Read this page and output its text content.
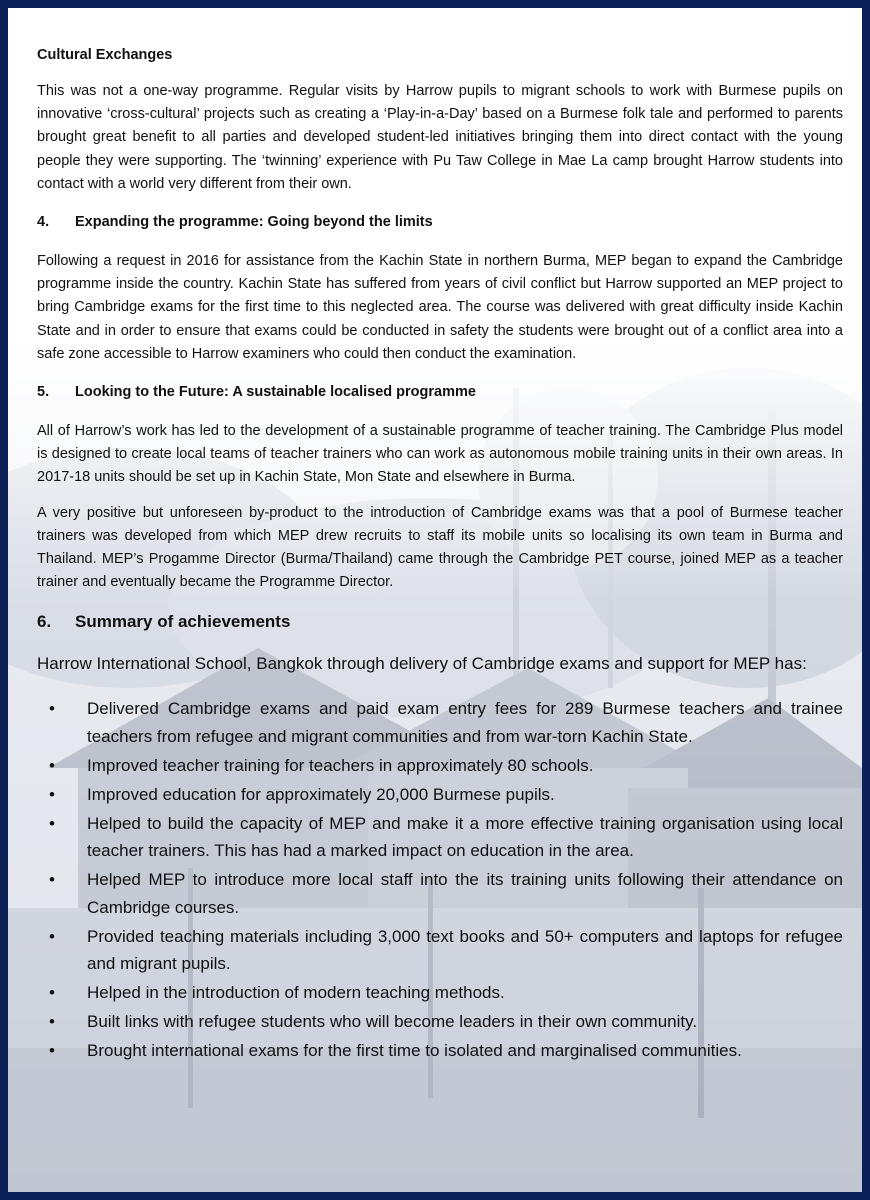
Cultural Exchanges

This was not a one-way programme. Regular visits by Harrow pupils to migrant schools to work with Burmese pupils on innovative ‘cross-cultural’ projects such as creating a ‘Play-in-a-Day’ based on a Burmese folk tale and performed to parents brought great benefit to all parties and developed student-led initiatives bringing them into direct contact with the young people they were supporting. The ‘twinning’ experience with Pu Taw College in Mae La camp brought Harrow students into contact with a world very different from their own.

4. Expanding the programme: Going beyond the limits

Following a request in 2016 for assistance from the Kachin State in northern Burma, MEP began to expand the Cambridge programme inside the country. Kachin State has suffered from years of civil conflict but Harrow supported an MEP project to bring Cambridge exams for the first time to this neglected area. The course was delivered with great difficulty inside Kachin State and in order to ensure that exams could be conducted in safety the students were brought out of a conflict area into a safe zone accessible to Harrow examiners who could then conduct the examination.

5. Looking to the Future: A sustainable localised programme

All of Harrow’s work has led to the development of a sustainable programme of teacher training. The Cambridge Plus model is designed to create local teams of teacher trainers who can work as autonomous mobile training units in their own areas. In 2017-18 units should be set up in Kachin State, Mon State and elsewhere in Burma.

A very positive but unforeseen by-product to the introduction of Cambridge exams was that a pool of Burmese teacher trainers was developed from which MEP drew recruits to staff its mobile units so localising its own team in Burma and Thailand. MEP’s Progamme Director (Burma/Thailand) came through the Cambridge PET course, joined MEP as a teacher trainer and eventually became the Programme Director.

6. Summary of achievements

Harrow International School, Bangkok through delivery of Cambridge exams and support for MEP has:

• Delivered Cambridge exams and paid exam entry fees for 289 Burmese teachers and trainee teachers from refugee and migrant communities and from war-torn Kachin State.
• Improved teacher training for teachers in approximately 80 schools.
• Improved education for approximately 20,000 Burmese pupils.
• Helped to build the capacity of MEP and make it a more effective training organisation using local teacher trainers. This has had a marked impact on education in the area.
• Helped MEP to introduce more local staff into the its training units following their attendance on Cambridge courses.
• Provided teaching materials including 3,000 text books and 50+ computers and laptops for refugee and migrant pupils.
• Helped in the introduction of modern teaching methods.
• Built links with refugee students who will become leaders in their own community.
• Brought international exams for the first time to isolated and marginalised communities.
